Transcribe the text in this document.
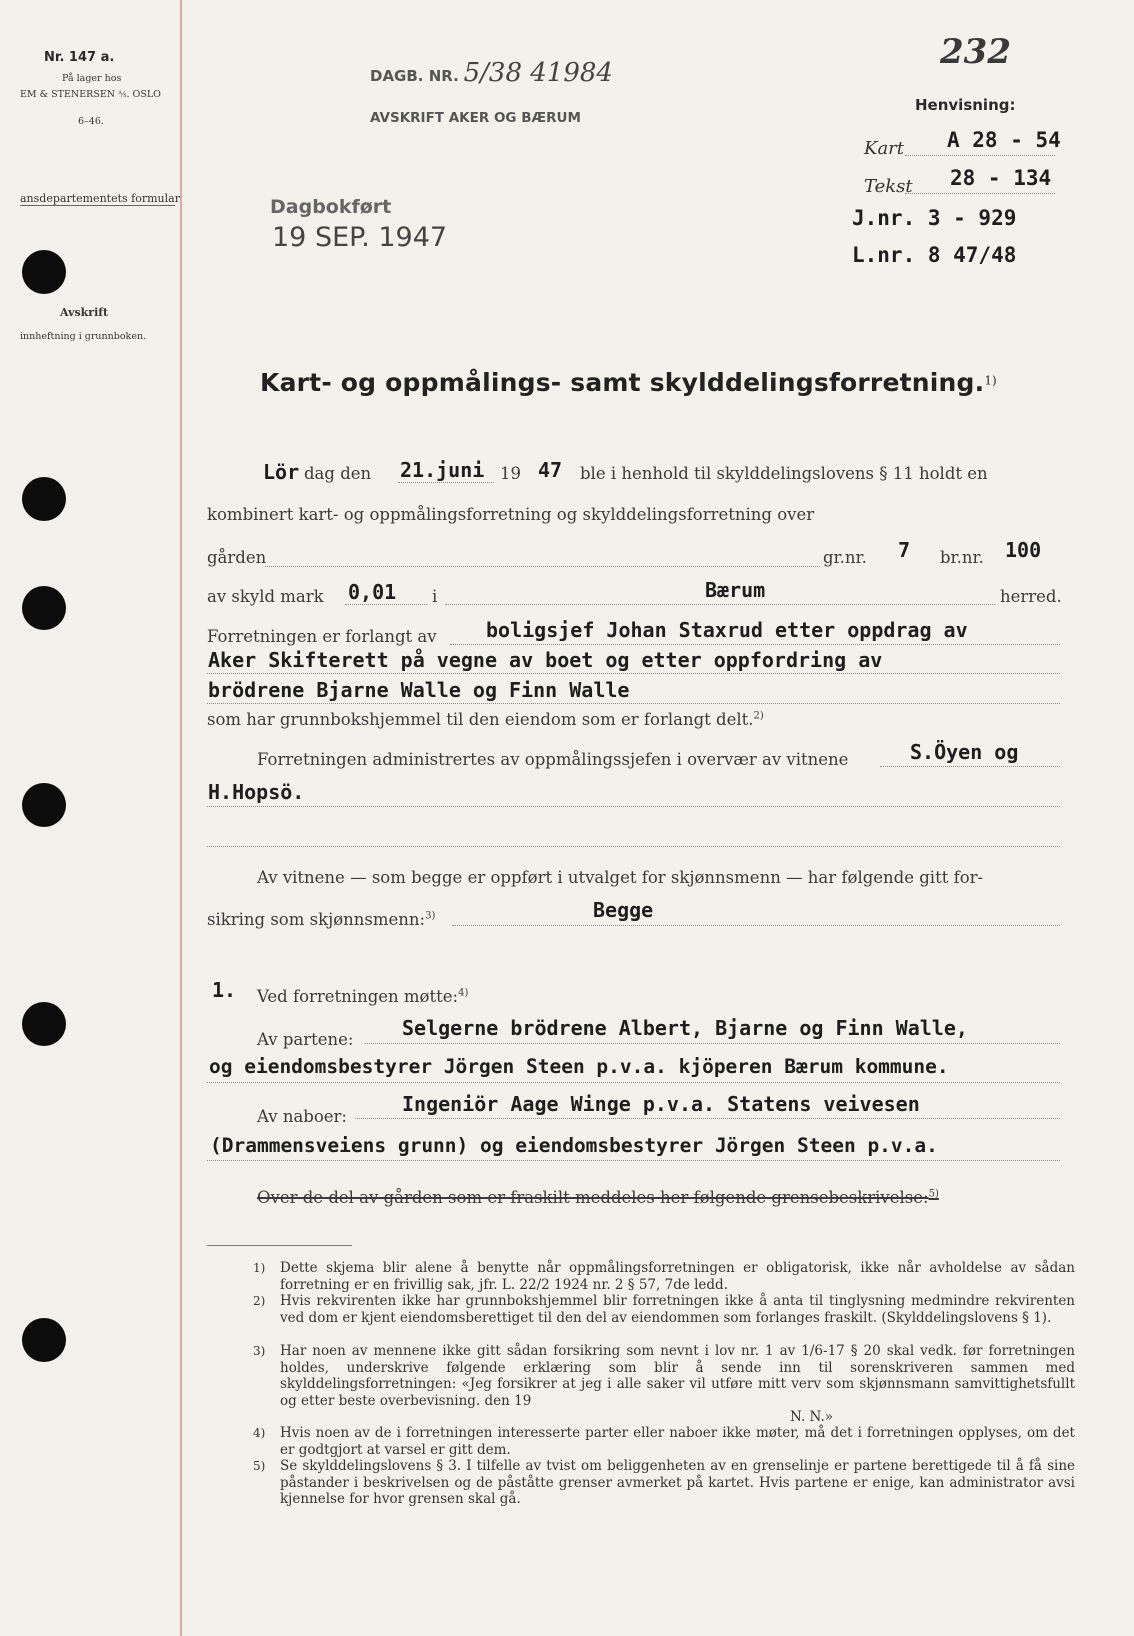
Nr. 147 a.
På lager hos
EM & STENERSEN ⅍. OSLO
6–46.
ansdepartementets formular
Avskrift
innheftning i grunnboken.
DAGB. NR. 5/38 41984
AVSKRIFT AKER OG BÆRUM
Dagbokført
19 SEP. 1947
232
Henvisning:
Kart A 28 - 54
Tekst 28 - 134
J.nr. 3 - 929
L.nr. 8 47/48
Kart- og oppmålings- samt skylddelingsforretning.$^{1)}$
Lör dag den 21.juni 19 47 ble i henhold til skylddelingslovens § 11 holdt en
kombinert kart- og oppmålingsforretning og skylddelingsforretning over
gården	gr.nr. 7 br.nr. 100
av skyld mark 0,01 i	Bærum	herred.
Forretningen er forlangt av boligsjef Johan Staxrud etter oppdrag av
Aker Skifterett på vegne av boet og etter oppfordring av
brödrene Bjarne Walle og Finn Walle
som har grunnbokshjemmel til den eiendom som er forlangt delt.$^{2)}$
Forretningen administrertes av oppmålingssjefen i overvær av vitnene	S.Öyen og
H.Hopsö.
Av vitnene — som begge er oppført i utvalget for skjønnsmenn — har følgende gitt for-
sikring som skjønnsmenn:$^{3)}$	Begge
1. Ved forretningen møtte:$^{4)}$
Av partene: Selgerne brödrene Albert, Bjarne og Finn Walle,
og eiendomsbestyrer Jörgen Steen p.v.a. kjöperen Bærum kommune.
Av naboer:
Ingeniör Aage Winge p.v.a. Statens veivesen
(Drammensveiens grunn) og eiendomsbestyrer Jörgen Steen p.v.a.
Over de del av gården som er fraskilt meddeles her følgende grensebeskrivelse:$^{5)}$
1) Dette skjema blir alene å benytte når oppmålingsforretningen er obligatorisk, ikke når avholdelse av sådan forretning er en frivillig sak, jfr. L. 22/2 1924 nr. 2 § 57, 7de ledd.
2) Hvis rekvirenten ikke har grunnbokshjemmel blir forretningen ikke å anta til tinglysning medmindre rekvirenten ved dom er kjent eiendomsberettiget til den del av eiendommen som forlanges fraskilt. (Skylddelingslovens § 1).
3) Har noen av mennene ikke gitt sådan forsikring som nevnt i lov nr. 1 av 1/6-17 § 20 skal vedk. før forretningen holdes, underskrive følgende erklæring som blir å sende inn til sorenskriveren sammen med skylddelingsforretningen: «Jeg forsikrer at jeg i alle saker vil utføre mitt verv som skjønnsmann samvittighetsfullt og etter beste overbevisning. den 19
N. N.»
4) Hvis noen av de i forretningen interesserte parter eller naboer ikke møter, må det i forretningen opplyses, om det er godtgjort at varsel er gitt dem.
5) Se skylddelingslovens § 3. I tilfelle av tvist om beliggenheten av en grenselinje er partene berettigede til å få sine påstander i beskrivelsen og de påståtte grenser avmerket på kartet. Hvis partene er enige, kan administrator avsi kjennelse for hvor grensen skal gå.
